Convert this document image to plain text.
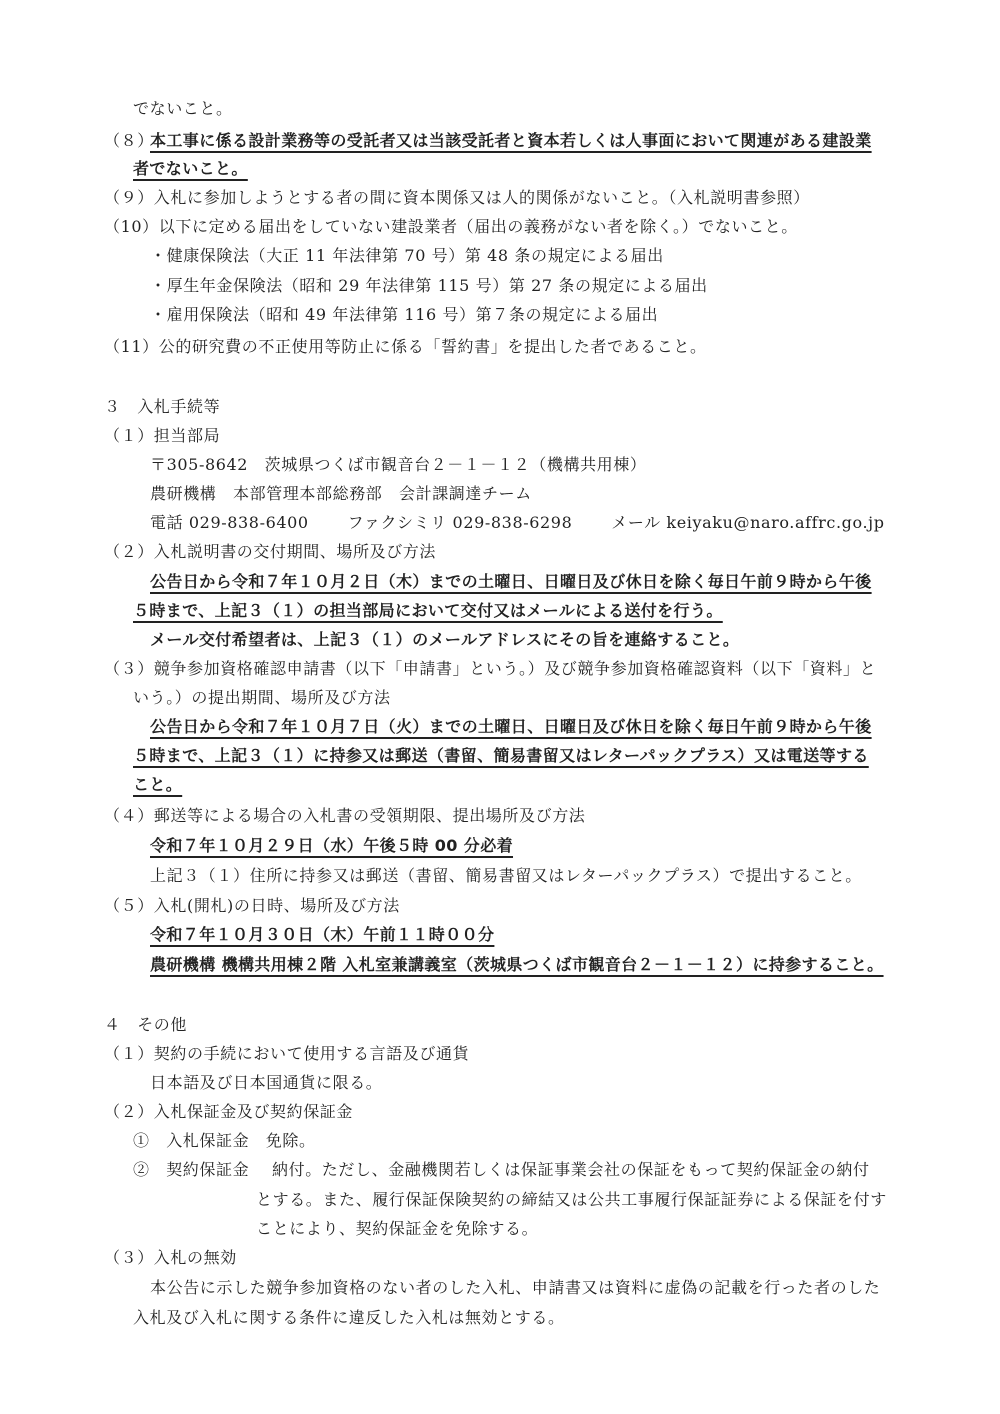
でないこと。
（８）
本工事に係る設計業務等の受託者又は当該受託者と資本若しくは人事面において関連がある建設業
者でないこと。
（９）入札に参加しようとする者の間に資本関係又は人的関係がないこと。（入札説明書参照）
（10）以下に定める届出をしていない建設業者（届出の義務がない者を除く。）でないこと。
・健康保険法（大正 11 年法律第 70 号）第 48 条の規定による届出
・厚生年金保険法（昭和 29 年法律第 115 号）第 27 条の規定による届出
・雇用保険法（昭和 49 年法律第 116 号）第７条の規定による届出
（11）公的研究費の不正使用等防止に係る「誓約書」を提出した者であること。
３　入札手続等
（１）担当部局
〒305-8642　茨城県つくば市観音台２－１－１２（機構共用棟）
農研機構　本部管理本部総務部　会計課調達チーム
電話 029-838-6400　　 ファクシミリ 029-838-6298　　 メール keiyaku@naro.affrc.go.jp
（２）入札説明書の交付期間、場所及び方法
公告日から令和７年１０月２日（木）までの土曜日、日曜日及び休日を除く毎日午前９時から午後
５時まで、上記３（１）の担当部局において交付又はメールによる送付を行う。
メール交付希望者は、上記３（１）のメールアドレスにその旨を連絡すること。
（３）競争参加資格確認申請書（以下「申請書」という。）及び競争参加資格確認資料（以下「資料」と
いう。）の提出期間、場所及び方法
公告日から令和７年１０月７日（火）までの土曜日、日曜日及び休日を除く毎日午前９時から午後
５時まで、上記３（１）に持参又は郵送（書留、簡易書留又はレターパックプラス）又は電送等する
こと。
（４）郵送等による場合の入札書の受領期限、提出場所及び方法
令和７年１０月２９日（水）午後５時 00 分必着
上記３（１）住所に持参又は郵送（書留、簡易書留又はレターパックプラス）で提出すること。
（５）入札(開札)の日時、場所及び方法
令和７年１０月３０日（木）午前１１時００分
農研機構 機構共用棟２階 入札室兼講義室（茨城県つくば市観音台２－１－１２）に持参すること。
４　その他
（１）契約の手続において使用する言語及び通貨
日本語及び日本国通貨に限る。
（２）入札保証金及び契約保証金
①　入札保証金　免除。
②　契約保証金　 納付。ただし、金融機関若しくは保証事業会社の保証をもって契約保証金の納付
とする。また、履行保証保険契約の締結又は公共工事履行保証証券による保証を付す
ことにより、契約保証金を免除する。
（３）入札の無効
本公告に示した競争参加資格のない者のした入札、申請書又は資料に虚偽の記載を行った者のした
入札及び入札に関する条件に違反した入札は無効とする。
